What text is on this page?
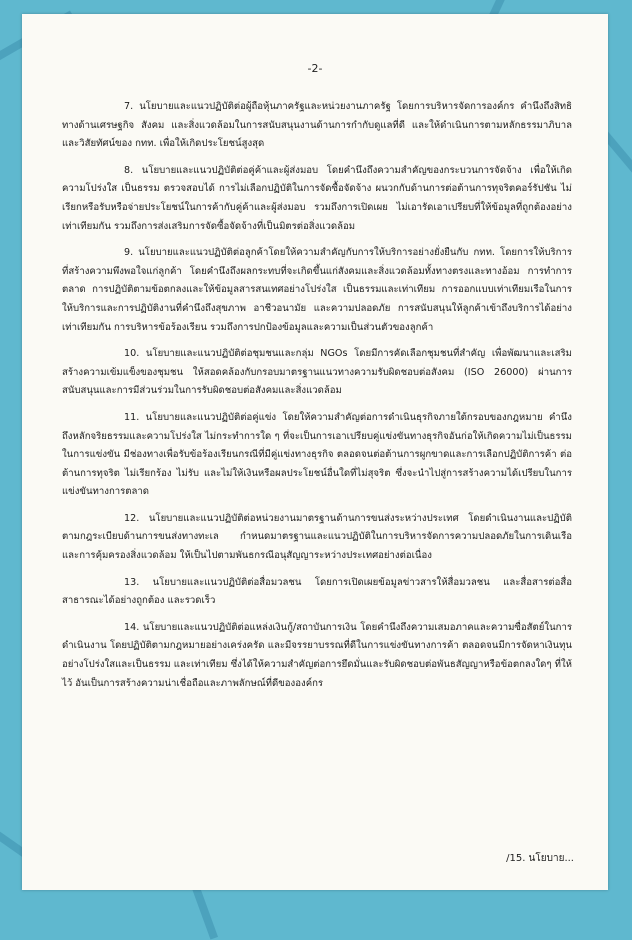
-2-

7. นโยบายและแนวปฏิบัติต่อผู้ถือหุ้นภาครัฐและหน่วยงานภาครัฐ โดยการบริหารจัดการองค์กร คำนึงถึงสิทธิทางด้านเศรษฐกิจ สังคม และสิ่งแวดล้อมในการสนับสนุนงานด้านการกำกับดูแลที่ดี และให้ดำเนินการตามหลักธรรมาภิบาลและวิสัยทัศน์ของ กทท. เพื่อให้เกิดประโยชน์สูงสุด

8. นโยบายและแนวปฏิบัติต่อคู่ค้าและผู้ส่งมอบ โดยคำนึงถึงความสำคัญของกระบวนการจัดจ้าง เพื่อให้เกิดความโปร่งใส เป็นธรรม ตรวจสอบได้ การไม่เลือกปฏิบัติในการจัดซื้อจัดจ้าง ผนวกกับด้านการต่อต้านการทุจริตคอร์รัปชัน ไม่เรียกหรือรับหรือจ่ายประโยชน์ในการค้ากับคู่ค้าและผู้ส่งมอบ รวมถึงการเปิดเผย ไม่เอารัดเอาเปรียบที่ให้ข้อมูลที่ถูกต้องอย่างเท่าเทียมกัน รวมถึงการส่งเสริมการจัดซื้อจัดจ้างที่เป็นมิตรต่อสิ่งแวดล้อม

9. นโยบายและแนวปฏิบัติต่อลูกค้าโดยให้ความสำคัญกับการให้บริการอย่างยั่งยืนกับ กทท. โดยการให้บริการที่สร้างความพึงพอใจแก่ลูกค้า โดยคำนึงถึงผลกระทบที่จะเกิดขึ้นแก่สังคมและสิ่งแวดล้อมทั้งทางตรงและทางอ้อม การทำการตลาด การปฏิบัติตามข้อตกลงและให้ข้อมูลสารสนเทศอย่างโปร่งใส เป็นธรรมและเท่าเทียม การออกแบบเท่าเทียมเรือในการให้บริการและการปฏิบัติงานที่คำนึงถึงสุขภาพ อาชีวอนามัย และความปลอดภัย การสนับสนุนให้ลูกค้าเข้าถึงบริการได้อย่างเท่าเทียมกัน การบริหารข้อร้องเรียน รวมถึงการปกป้องข้อมูลและความเป็นส่วนตัวของลูกค้า

10. นโยบายและแนวปฏิบัติต่อชุมชนและกลุ่ม NGOs โดยมีการคัดเลือกชุมชนที่สำคัญ เพื่อพัฒนาและเสริมสร้างความเข้มแข็งของชุมชน ให้สอดคล้องกับกรอบมาตรฐานแนวทางความรับผิดชอบต่อสังคม (ISO 26000) ผ่านการสนับสนุนและการมีส่วนร่วมในการรับผิดชอบต่อสังคมและสิ่งแวดล้อม

11. นโยบายและแนวปฏิบัติต่อคู่แข่ง โดยให้ความสำคัญต่อการดำเนินธุรกิจภายใต้กรอบของกฎหมาย คำนึงถึงหลักจริยธรรมและความโปร่งใส ไม่กระทำการใด ๆ ที่จะเป็นการเอาเปรียบคู่แข่งขันทางธุรกิจอันก่อให้เกิดความไม่เป็นธรรมในการแข่งขัน มีช่องทางเพื่อรับข้อร้องเรียนกรณีที่มีคู่แข่งทางธุรกิจ ตลอดจนต่อต้านการผูกขาดและการเลือกปฏิบัติการค้า ต่อต้านการทุจริต ไม่เรียกร้อง ไม่รับ และไม่ให้เงินหรือผลประโยชน์อื่นใดที่ไม่สุจริต ซึ่งจะนำไปสู่การสร้างความได้เปรียบในการแข่งขันทางการตลาด

12. นโยบายและแนวปฏิบัติต่อหน่วยงานมาตรฐานด้านการขนส่งระหว่างประเทศ โดยดำเนินงานและปฏิบัติตามกฎระเบียบด้านการขนส่งทางทะเล กำหนดมาตรฐานและแนวปฏิบัติในการบริหารจัดการความปลอดภัยในการเดินเรือ และการคุ้มครองสิ่งแวดล้อม ให้เป็นไปตามพันธกรณีอนุสัญญาระหว่างประเทศอย่างต่อเนื่อง

13. นโยบายและแนวปฏิบัติต่อสื่อมวลชน โดยการเปิดเผยข้อมูลข่าวสารให้สื่อมวลชน และสื่อสารต่อสื่อสาธารณะได้อย่างถูกต้อง และรวดเร็ว

14. นโยบายและแนวปฏิบัติต่อแหล่งเงินกู้/สถาบันการเงิน โดยคำนึงถึงความเสมอภาคและความซื่อสัตย์ในการดำเนินงาน โดยปฏิบัติตามกฎหมายอย่างเคร่งครัด และมีจรรยาบรรณที่ดีในการแข่งขันทางการค้า ตลอดจนมีการจัดหาเงินทุนอย่างโปร่งใสและเป็นธรรม และเท่าเทียม ซึ่งได้ให้ความสำคัญต่อการยึดมั่นและรับผิดชอบต่อพันธสัญญาหรือข้อตกลงใดๆ ที่ให้ไว้ อันเป็นการสร้างความน่าเชื่อถือและภาพลักษณ์ที่ดีขององค์กร

/15. นโยบาย...
